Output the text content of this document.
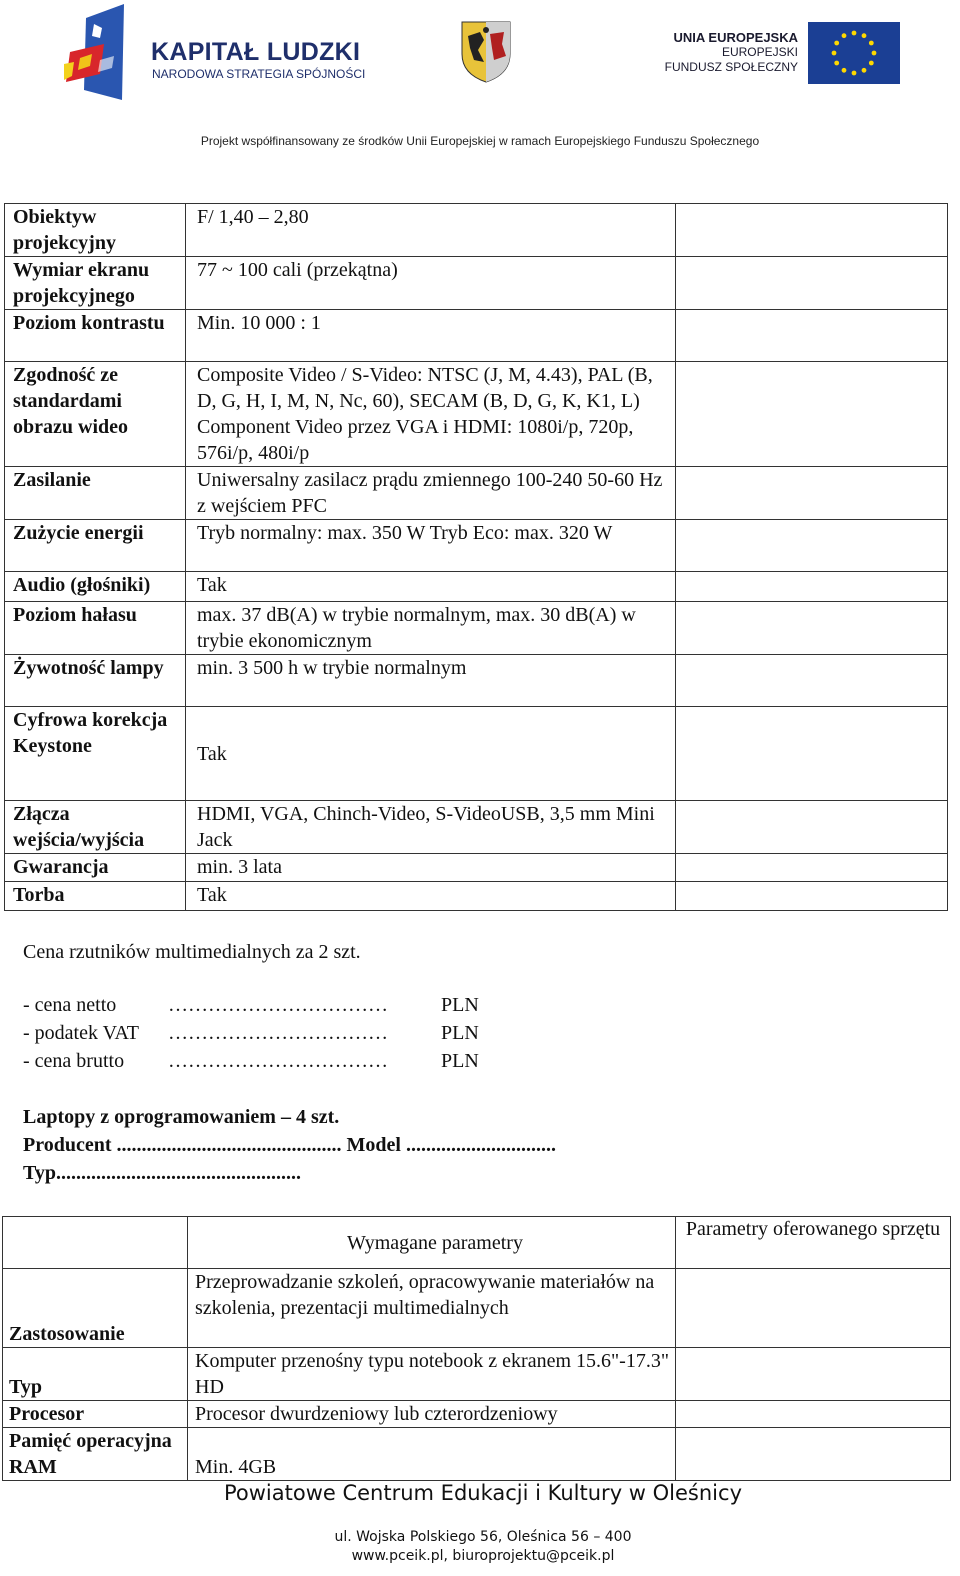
KAPITAŁ LUDZKI
NARODOWA STRATEGIA SPÓJNOŚCI
UNIA EUROPEJSKA
EUROPEJSKI
FUNDUSZ SPOŁECZNY
Projekt współfinansowany ze środków Unii Europejskiej w ramach Europejskiego Funduszu Społecznego
Obiektyw projekcyjny	F/ 1,40 – 2,80	
Wymiar ekranu projekcyjnego	77 ~ 100 cali (przekątna)	
Poziom kontrastu	Min. 10 000 : 1	
Zgodność ze standardami obrazu wideo	Composite Video / S-Video: NTSC (J, M, 4.43), PAL (B, D, G, H, I, M, N, Nc, 60), SECAM (B, D, G, K, K1, L) Component Video przez VGA i HDMI: 1080i/p, 720p, 576i/p, 480i/p	
Zasilanie	Uniwersalny zasilacz prądu zmiennego 100-240 50-60 Hz z wejściem PFC	
Zużycie energii	Tryb normalny: max. 350 W Tryb Eco: max. 320 W	
Audio (głośniki)	Tak	
Poziom hałasu	max. 37 dB(A) w trybie normalnym, max. 30 dB(A) w trybie ekonomicznym	
Żywotność lampy	min. 3 500 h w trybie normalnym	
Cyfrowa korekcja Keystone	Tak	
Złącza wejścia/wyjścia	HDMI, VGA, Chinch-Video, S-VideoUSB, 3,5 mm Mini Jack	
Gwarancja	min. 3 lata	
Torba	Tak	
Cena rzutników multimedialnych za 2 szt.
- cena netto	……………………………	PLN
- podatek VAT ……………………………	PLN
- cena brutto ……………………………	PLN
Laptopy z oprogramowaniem – 4 szt.
Producent ............................................. Model ..............................
Typ.................................................
	Wymagane parametry	Parametry oferowanego sprzętu
Zastosowanie	Przeprowadzanie szkoleń, opracowywanie materiałów na szkolenia, prezentacji multimedialnych	
Typ	Komputer przenośny typu notebook z ekranem 15.6"-17.3" HD	
Procesor	Procesor dwurdzeniowy lub czterordzeniowy	
Pamięć operacyjna RAM	Min. 4GB	
Powiatowe Centrum Edukacji i Kultury w Oleśnicy
ul. Wojska Polskiego 56, Oleśnica 56 – 400
www.pceik.pl, biuroprojektu@pceik.pl
